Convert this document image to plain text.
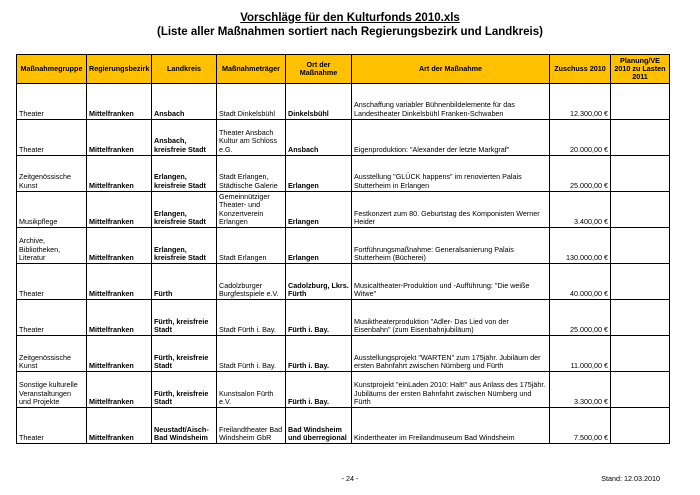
Vorschläge für den Kulturfonds 2010.xls
(Liste aller Maßnahmen sortiert nach Regierungsbezirk und Landkreis)
Maßnahmegruppe	Regierungsbezirk	Landkreis	Maßnahmeträger	Ort der Maßnahme	Art der Maßnahme	Zuschuss 2010	Planung/VE 2010 zu Lasten 2011
Theater	Mittelfranken	Ansbach	Stadt Dinkelsbühl	Dinkelsbühl	Anschaffung variabler Bühnenbildelemente für das Landestheater Dinkelsbühl Franken-Schwaben	12.300,00 €	
Theater	Mittelfranken	Ansbach, kreisfreie Stadt	Theater Ansbach Kultur am Schloss e.G.	Ansbach	Eigenproduktion: "Alexander der letzte Markgraf"	20.000,00 €	
Zeitgenössische Kunst	Mittelfranken	Erlangen, kreisfreie Stadt	Stadt Erlangen, Städtische Galerie	Erlangen	Ausstellung "GLÜCK happens" im renovierten Palais Stutterheim in Erlangen	25.000,00 €	
Musikpflege	Mittelfranken	Erlangen, kreisfreie Stadt	Gemeinnütziger Theater- und Konzertverein Erlangen	Erlangen	Festkonzert zum 80. Geburtstag des Komponisten Werner Heider	3.400,00 €	
Archive, Bibliotheken, Literatur	Mittelfranken	Erlangen, kreisfreie Stadt	Stadt Erlangen	Erlangen	Fortführungsmaßnahme: Generalsanierung Palais Stutterheim (Bücherei)	130.000,00 €	
Theater	Mittelfranken	Fürth	Cadolzburger Burgfestspiele e.V.	Cadolzburg, Lkrs. Fürth	Musicaltheater-Produktion und -Aufführung: "Die weiße Witwe"	40.000,00 €	
Theater	Mittelfranken	Fürth, kreisfreie Stadt	Stadt Fürth i. Bay.	Fürth i. Bay.	Musiktheaterproduktion "Adler- Das Lied von der Eisenbahn" (zum Eisenbahnjubiläum)	25.000,00 €	
Zeitgenössische Kunst	Mittelfranken	Fürth, kreisfreie Stadt	Stadt Fürth i. Bay.	Fürth i. Bay.	Ausstellungsprojekt "WARTEN" zum 175jähr. Jubiläum der ersten Bahnfahrt zwischen Nürnberg und Fürth	11.000,00 €	
Sonstige kulturelle Veranstaltungen und Projekte	Mittelfranken	Fürth, kreisfreie Stadt	Kunstsalon Fürth e.V.	Fürth i. Bay.	Kunstprojekt "einLaden 2010: Halt!" aus Anlass des 175jähr. Jubiläums der ersten Bahnfahrt zwischen Nürnberg und Fürth	3.300,00 €	
Theater	Mittelfranken	Neustadt/Aisch-Bad Windsheim	Freilandtheater Bad Windsheim GbR	Bad Windsheim und überregional	Kindertheater im Freilandmuseum Bad Windsheim	7.500,00 €	
- 24 -	Stand: 12.03.2010
